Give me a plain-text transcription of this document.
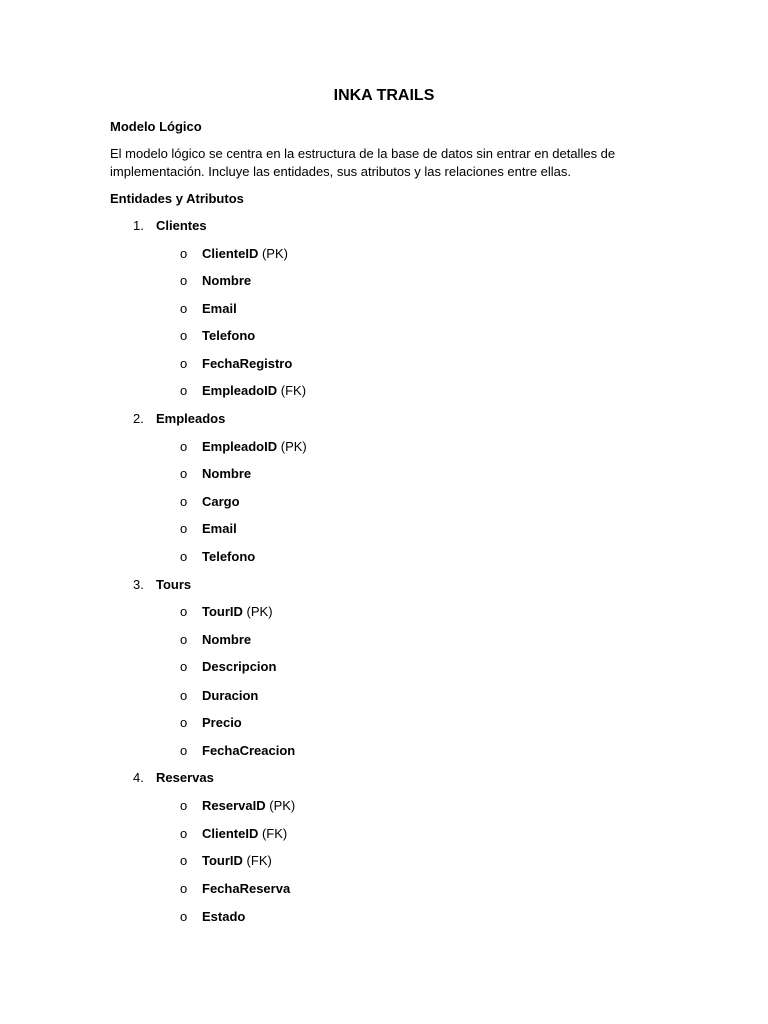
INKA TRAILS
Modelo Lógico
El modelo lógico se centra en la estructura de la base de datos sin entrar en detalles de implementación. Incluye las entidades, sus atributos y las relaciones entre ellas.
Entidades y Atributos
1. Clientes
o ClienteID (PK)
o Nombre
o Email
o Telefono
o FechaRegistro
o EmpleadoID (FK)
2. Empleados
o EmpleadoID (PK)
o Nombre
o Cargo
o Email
o Telefono
3. Tours
o TourID (PK)
o Nombre
o Descripcion
o Duracion
o Precio
o FechaCreacion
4. Reservas
o ReservaID (PK)
o ClienteID (FK)
o TourID (FK)
o FechaReserva
o Estado
